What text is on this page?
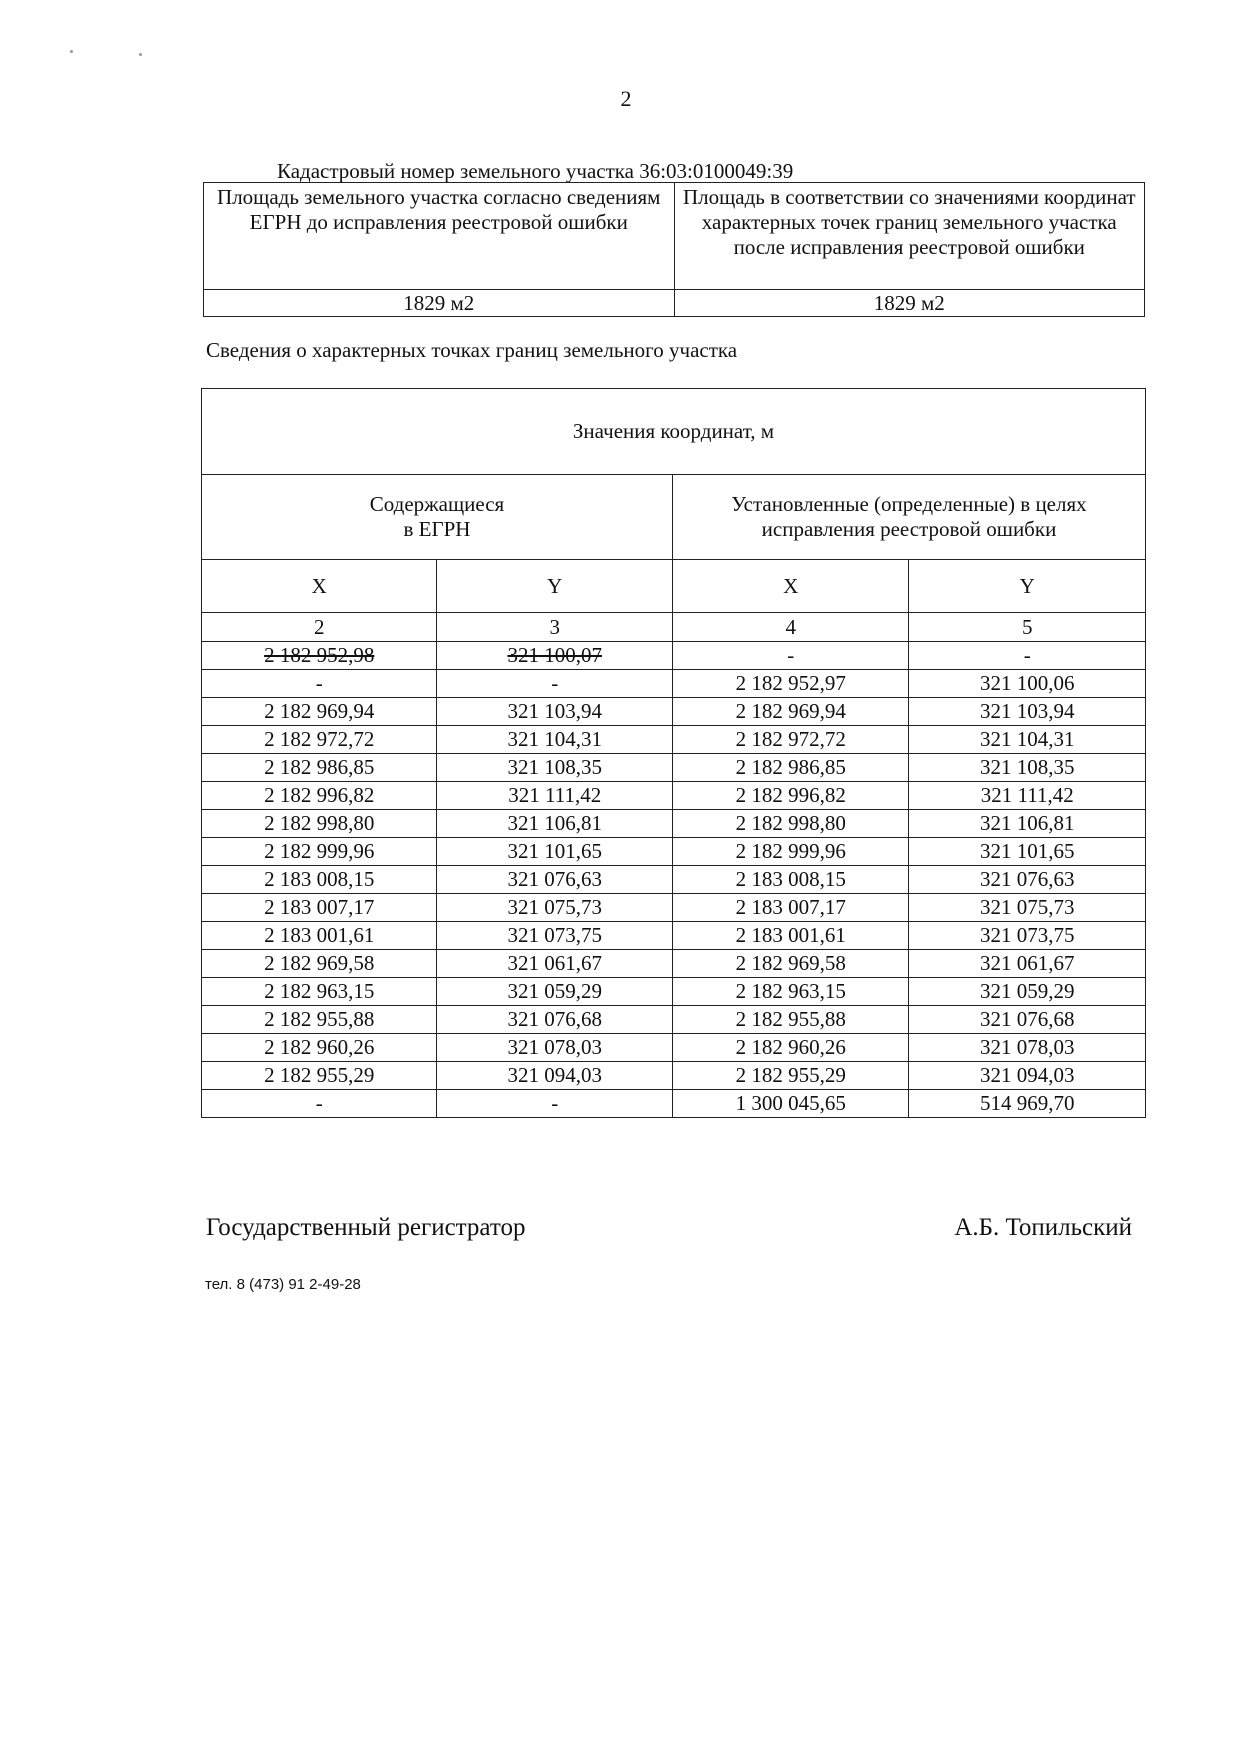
2
Кадастровый номер земельного участка 36:03:0100049:39
Площадь земельного участка согласно сведениям ЕГРН до исправления реестровой ошибки	Площадь в соответствии со значениями координат характерных точек границ земельного участка после исправления реестровой ошибки
1829 м2	1829 м2
Сведения о характерных точках границ земельного участка
Значения координат, м			
Содержащиеся
в ЕГРН		Установленные (определенные) в целях исправления реестровой ошибки	
X	Y	X	Y
2	3	4	5
2 182 952,98	321 100,07	-	-
-	-	2 182 952,97	321 100,06
2 182 969,94	321 103,94	2 182 969,94	321 103,94
2 182 972,72	321 104,31	2 182 972,72	321 104,31
2 182 986,85	321 108,35	2 182 986,85	321 108,35
2 182 996,82	321 111,42	2 182 996,82	321 111,42
2 182 998,80	321 106,81	2 182 998,80	321 106,81
2 182 999,96	321 101,65	2 182 999,96	321 101,65
2 183 008,15	321 076,63	2 183 008,15	321 076,63
2 183 007,17	321 075,73	2 183 007,17	321 075,73
2 183 001,61	321 073,75	2 183 001,61	321 073,75
2 182 969,58	321 061,67	2 182 969,58	321 061,67
2 182 963,15	321 059,29	2 182 963,15	321 059,29
2 182 955,88	321 076,68	2 182 955,88	321 076,68
2 182 960,26	321 078,03	2 182 960,26	321 078,03
2 182 955,29	321 094,03	2 182 955,29	321 094,03
-	-	1 300 045,65	514 969,70
Государственный регистратор	А.Б. Топильский
тел. 8 (473) 91 2-49-28
